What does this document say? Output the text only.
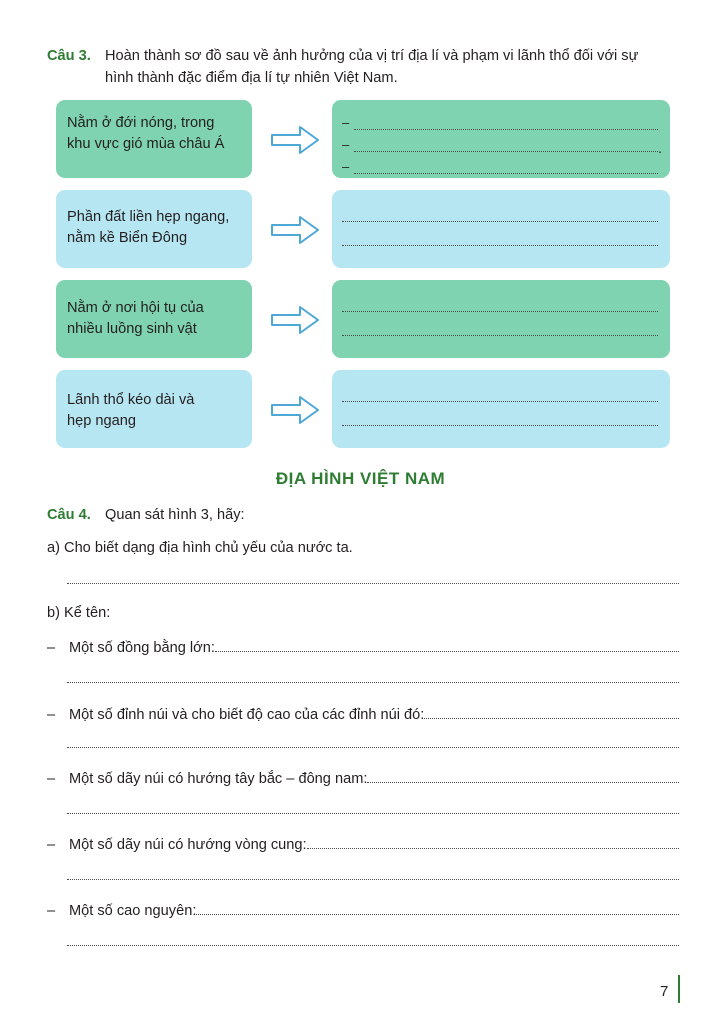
Câu 3. Hoàn thành sơ đồ sau về ảnh hưởng của vị trí địa lí và phạm vi lãnh thổ đối với sự
hình thành đặc điểm địa lí tự nhiên Việt Nam.
Nằm ở đới nóng, trong
khu vực gió mùa châu Á
–
–
–
.
Phần đất liền hẹp ngang,
nằm kề Biển Đông
Nằm ở nơi hội tụ của
nhiều luồng sinh vật
Lãnh thổ kéo dài và
hẹp ngang
ĐỊA HÌNH VIỆT NAM
Câu 4. Quan sát hình 3, hãy:
a) Cho biết dạng địa hình chủ yếu của nước ta.
b) Kể tên:
– Một số đồng bằng lớn:
– Một số đỉnh núi và cho biết độ cao của các đỉnh núi đó:
– Một số dãy núi có hướng tây bắc – đông nam:
– Một số dãy núi có hướng vòng cung:
– Một số cao nguyên:
7
